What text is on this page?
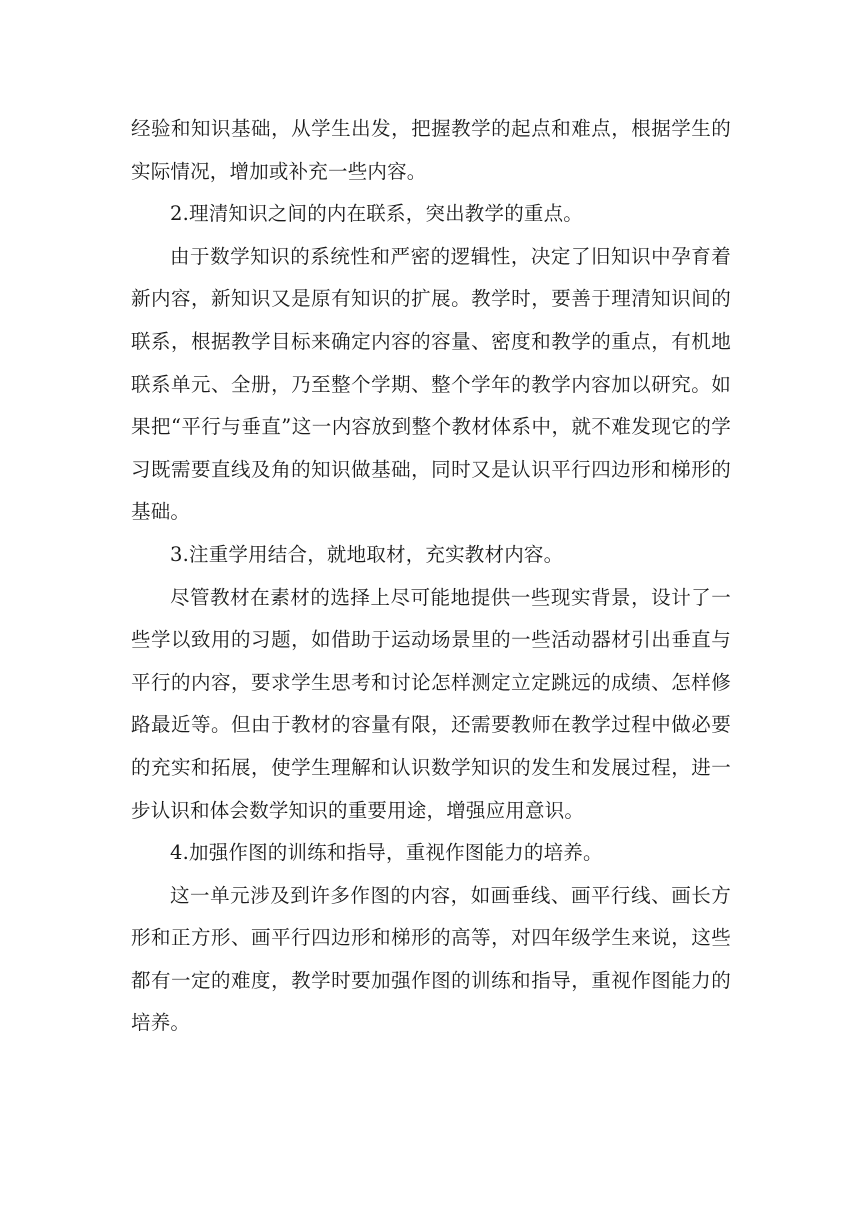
经验和知识基础，从学生出发，把握教学的起点和难点，根据学生的实际情况，增加或补充一些内容。

2.理清知识之间的内在联系，突出教学的重点。

由于数学知识的系统性和严密的逻辑性，决定了旧知识中孕育着新内容，新知识又是原有知识的扩展。教学时，要善于理清知识间的联系，根据教学目标来确定内容的容量、密度和教学的重点，有机地联系单元、全册，乃至整个学期、整个学年的教学内容加以研究。如果把“平行与垂直”这一内容放到整个教材体系中，就不难发现它的学习既需要直线及角的知识做基础，同时又是认识平行四边形和梯形的基础。

3.注重学用结合，就地取材，充实教材内容。

尽管教材在素材的选择上尽可能地提供一些现实背景，设计了一些学以致用的习题，如借助于运动场景里的一些活动器材引出垂直与平行的内容，要求学生思考和讨论怎样测定立定跳远的成绩、怎样修路最近等。但由于教材的容量有限，还需要教师在教学过程中做必要的充实和拓展，使学生理解和认识数学知识的发生和发展过程，进一步认识和体会数学知识的重要用途，增强应用意识。

4.加强作图的训练和指导，重视作图能力的培养。

这一单元涉及到许多作图的内容，如画垂线、画平行线、画长方形和正方形、画平行四边形和梯形的高等，对四年级学生来说，这些都有一定的难度，教学时要加强作图的训练和指导，重视作图能力的培养。
